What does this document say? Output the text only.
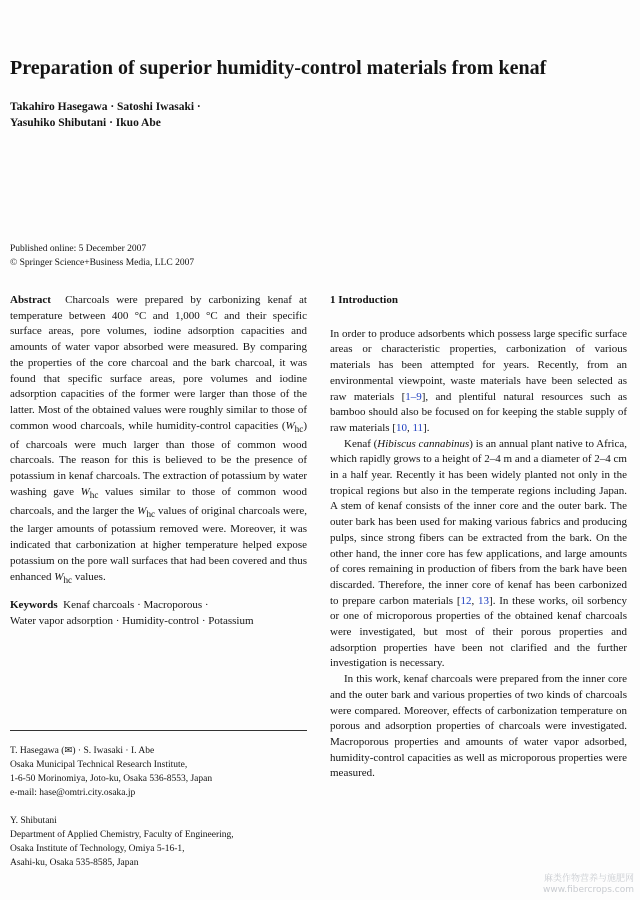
Preparation of superior humidity-control materials from kenaf
Takahiro Hasegawa · Satoshi Iwasaki ·
Yasuhiko Shibutani · Ikuo Abe
Published online: 5 December 2007
© Springer Science+Business Media, LLC 2007

Abstract Charcoals were prepared by carbonizing kenaf at temperature between 400 °C and 1,000 °C and their specific surface areas, pore volumes, iodine adsorption capacities and amounts of water vapor absorbed were measured. By comparing the properties of the core charcoal and the bark charcoal, it was found that specific surface areas, pore volumes and iodine adsorption capacities of the former were larger than those of the latter. Most of the obtained values were roughly similar to those of common wood charcoals, while humidity-control capacities $(W_{hc})$ of charcoals were much larger than those of common wood charcoals. The reason for this is believed to be the presence of potassium in kenaf charcoals. The extraction of potassium by water washing gave $W_{hc}$ values similar to those of common wood charcoals, and the larger the $W_{hc}$ values of original charcoals were, the larger amounts of potassium removed were. Moreover, it was indicated that carbonization at higher temperature helped expose potassium on the pore wall surfaces that had been covered and thus enhanced $W_{hc}$ values.

Keywords Kenaf charcoals · Macroporous ·
Water vapor adsorption · Humidity-control · Potassium

T. Hasegawa (✉) · S. Iwasaki · I. Abe
Osaka Municipal Technical Research Institute,
1-6-50 Morinomiya, Joto-ku, Osaka 536-8553, Japan
e-mail: hase@omtri.city.osaka.jp
Y. Shibutani
Department of Applied Chemistry, Faculty of Engineering,
Osaka Institute of Technology, Omiya 5-16-1,
Asahi-ku, Osaka 535-8585, Japan
1 Introduction

In order to produce adsorbents which possess large specific surface areas or characteristic properties, carbonization of various materials has been attempted for years. Recently, from an environmental viewpoint, waste materials have been selected as raw materials [1–9], and plentiful natural resources such as bamboo should also be focused on for keeping the stable supply of raw materials [10, 11].

Kenaf (Hibiscus cannabinus) is an annual plant native to Africa, which rapidly grows to a height of 2–4 m and a diameter of 2–4 cm in a half year. Recently it has been widely planted not only in the tropical regions but also in the temperate regions including Japan. A stem of kenaf consists of the inner core and the outer bark. The outer bark has been used for making various fabrics and producing pulps, since strong fibers can be extracted from the bark. On the other hand, the inner core has few applications, and large amounts of cores remaining in production of fibers from the bark have been discarded. Therefore, the inner core of kenaf has been carbonized to prepare carbon materials [12, 13]. In these works, oil sorbency or one of microporous properties of the obtained kenaf charcoals were investigated, but most of their porous properties and adsorption properties have been not clarified and the further investigation is necessary.

In this work, kenaf charcoals were prepared from the inner core and the outer bark and various properties of two kinds of charcoals were compared. Moreover, effects of carbonization temperature on porous and adsorption properties of charcoals were investigated. Macroporous properties and amounts of water vapor adsorbed, humidity-control capacities as well as microporous properties were measured.

麻类作物营养与施肥网
www.fibercrops.com
